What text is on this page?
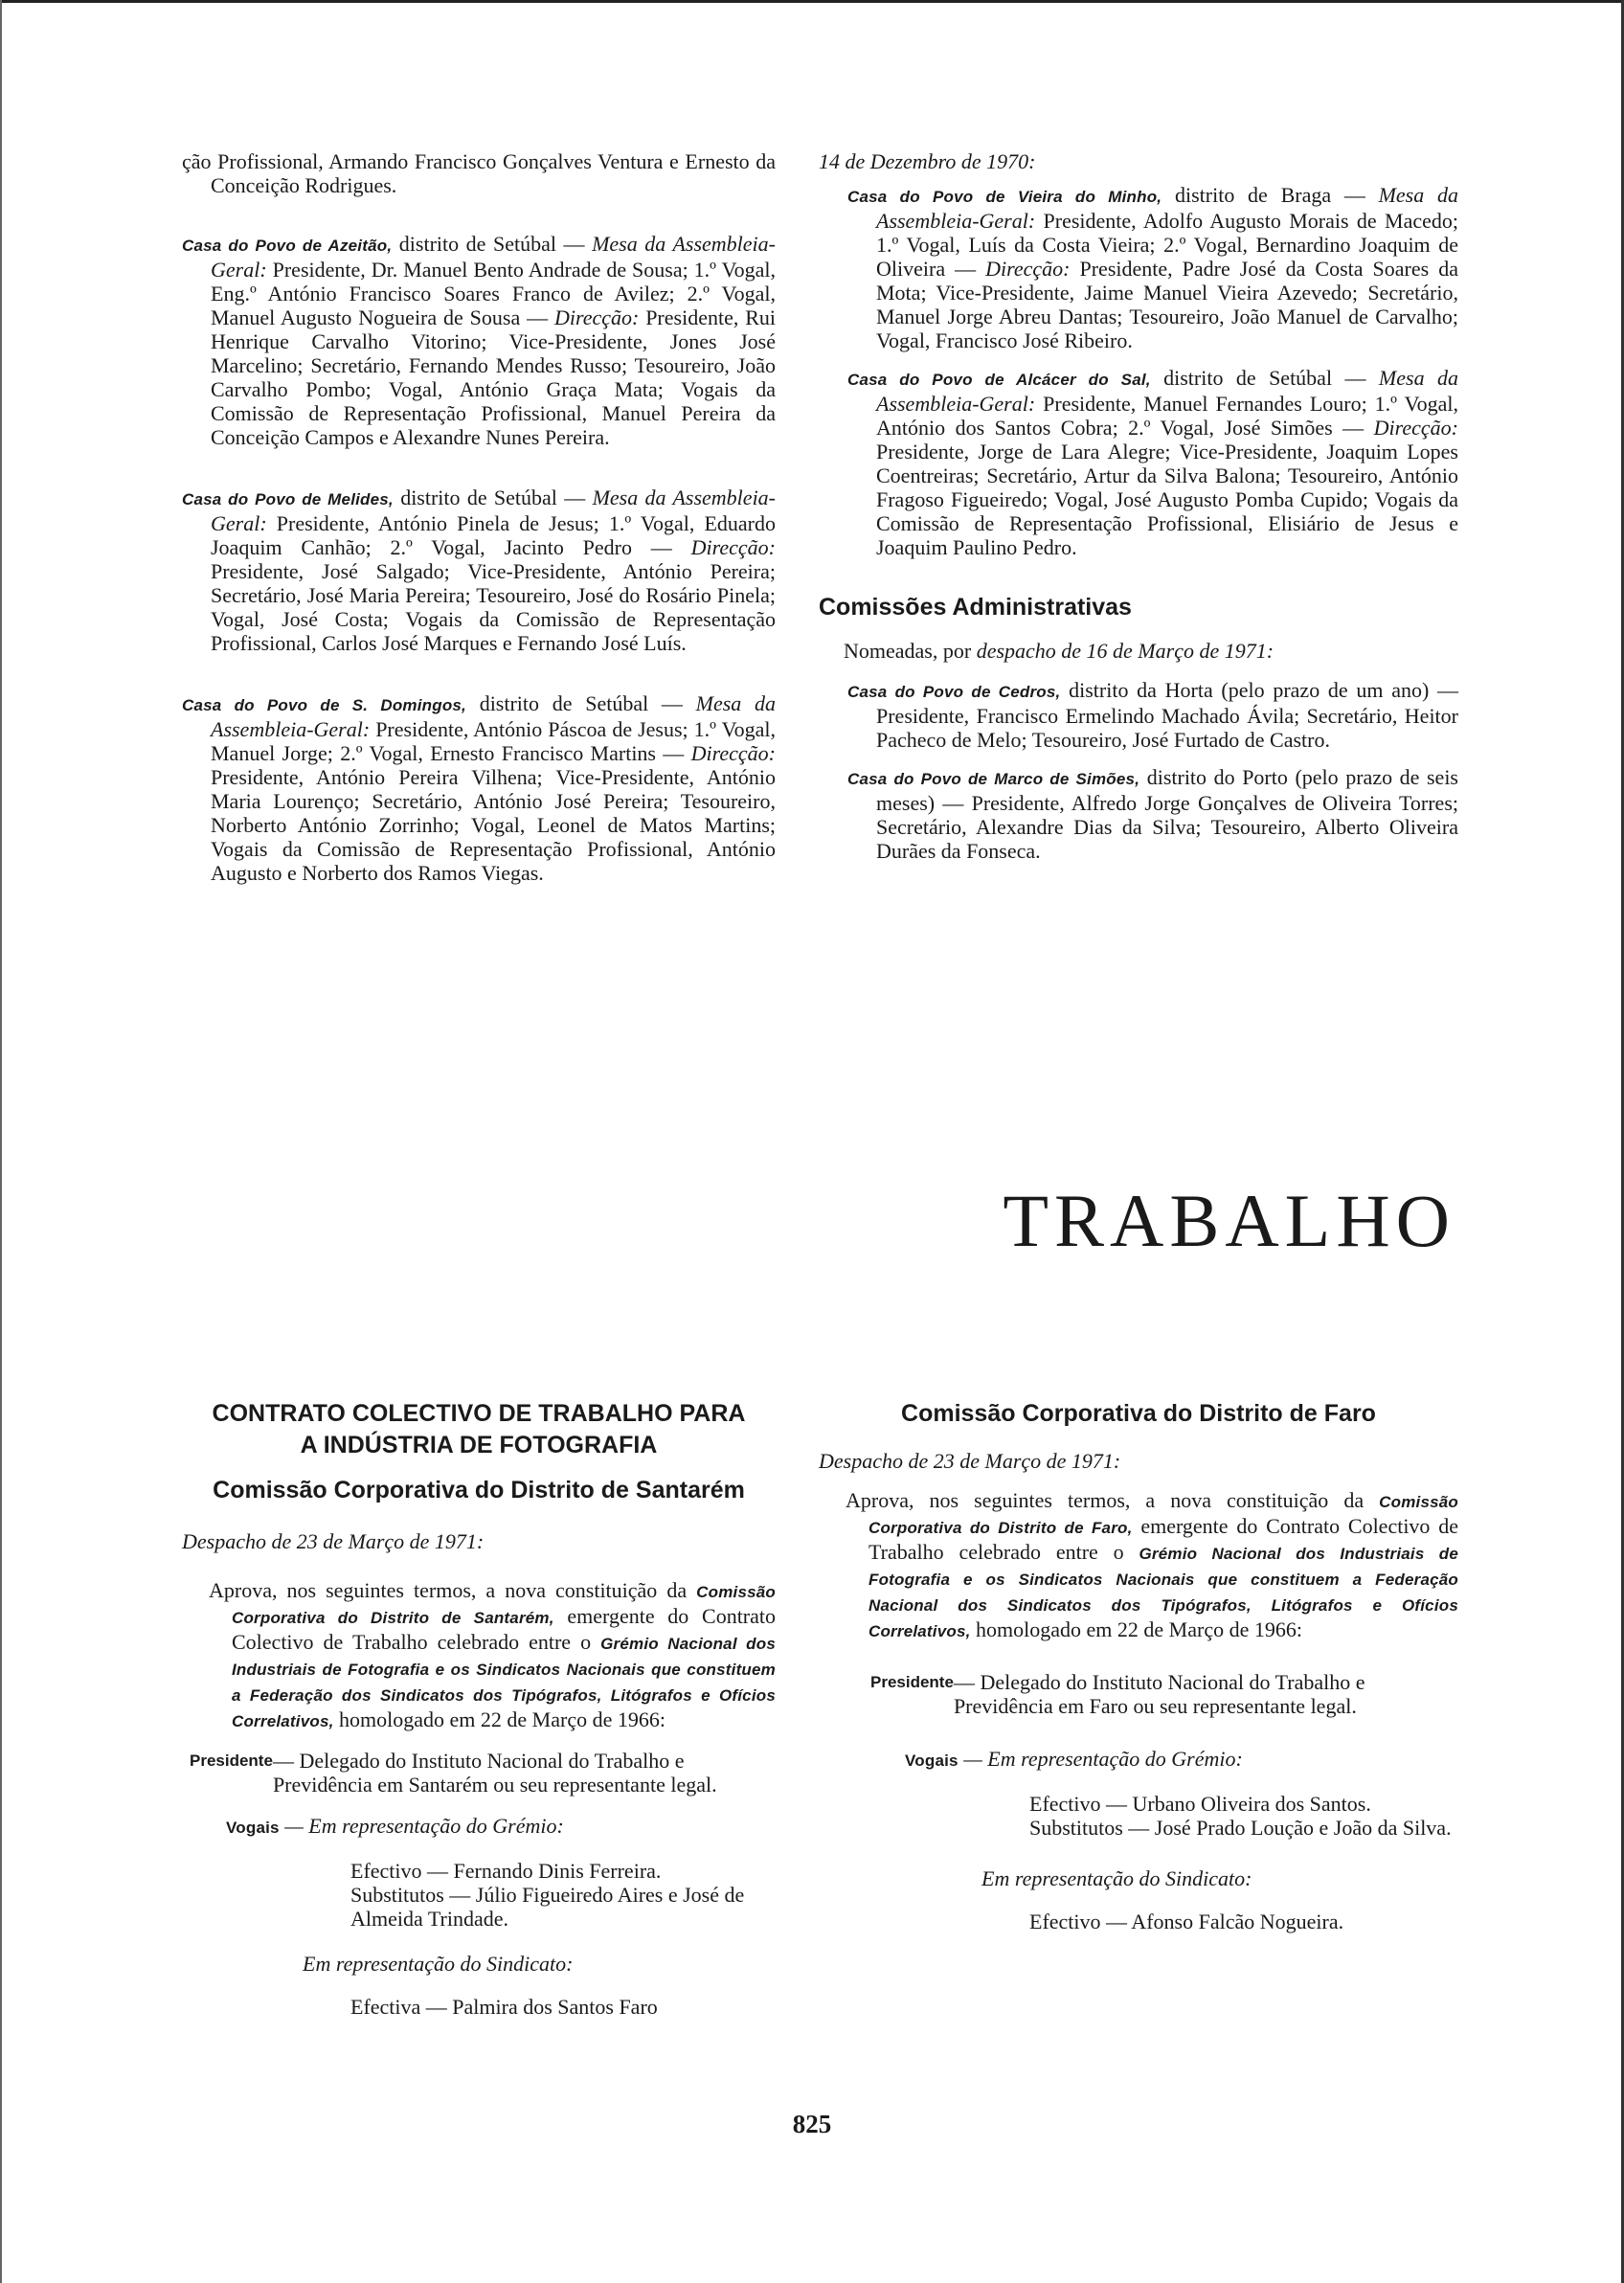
ção Profissional, Armando Francisco Gonçalves Ventura e Ernesto da Conceição Rodrigues.

Casa do Povo de Azeitão, distrito de Setúbal — Mesa da Assembleia-Geral: Presidente, Dr. Manuel Bento Andrade de Sousa; 1.º Vogal, Eng.º António Francisco Soares Franco de Avilez; 2.º Vogal, Manuel Augusto Nogueira de Sousa — Direcção: Presidente, Rui Henrique Carvalho Vitorino; Vice-Presidente, Jones José Marcelino; Secretário, Fernando Mendes Russo; Tesoureiro, João Carvalho Pombo; Vogal, António Graça Mata; Vogais da Comissão de Representação Profissional, Manuel Pereira da Conceição Campos e Alexandre Nunes Pereira.

Casa do Povo de Melides, distrito de Setúbal — Mesa da Assembleia-Geral: Presidente, António Pinela de Jesus; 1.º Vogal, Eduardo Joaquim Canhão; 2.º Vogal, Jacinto Pedro — Direcção: Presidente, José Salgado; Vice-Presidente, António Pereira; Secretário, José Maria Pereira; Tesoureiro, José do Rosário Pinela; Vogal, José Costa; Vogais da Comissão de Representação Profissional, Carlos José Marques e Fernando José Luís.

Casa do Povo de S. Domingos, distrito de Setúbal — Mesa da Assembleia-Geral: Presidente, António Páscoa de Jesus; 1.º Vogal, Manuel Jorge; 2.º Vogal, Ernesto Francisco Martins — Direcção: Presidente, António Pereira Vilhena; Vice-Presidente, António Maria Lourenço; Secretário, António José Pereira; Tesoureiro, Norberto António Zorrinho; Vogal, Leonel de Matos Martins; Vogais da Comissão de Representação Profissional, António Augusto e Norberto dos Ramos Viegas.

14 de Dezembro de 1970:

Casa do Povo de Vieira do Minho, distrito de Braga — Mesa da Assembleia-Geral: Presidente, Adolfo Augusto Morais de Macedo; 1.º Vogal, Luís da Costa Vieira; 2.º Vogal, Bernardino Joaquim de Oliveira — Direcção: Presidente, Padre José da Costa Soares da Mota; Vice-Presidente, Jaime Manuel Vieira Azevedo; Secretário, Manuel Jorge Abreu Dantas; Tesoureiro, João Manuel de Carvalho; Vogal, Francisco José Ribeiro.

Casa do Povo de Alcácer do Sal, distrito de Setúbal — Mesa da Assembleia-Geral: Presidente, Manuel Fernandes Louro; 1.º Vogal, António dos Santos Cobra; 2.º Vogal, José Simões — Direcção: Presidente, Jorge de Lara Alegre; Vice-Presidente, Joaquim Lopes Coentreiras; Secretário, Artur da Silva Balona; Tesoureiro, António Fragoso Figueiredo; Vogal, José Augusto Pomba Cupido; Vogais da Comissão de Representação Profissional, Elisiário de Jesus e Joaquim Paulino Pedro.

Comissões Administrativas

Nomeadas, por despacho de 16 de Março de 1971:

Casa do Povo de Cedros, distrito da Horta (pelo prazo de um ano) — Presidente, Francisco Ermelindo Machado Ávila; Secretário, Heitor Pacheco de Melo; Tesoureiro, José Furtado de Castro.

Casa do Povo de Marco de Simões, distrito do Porto (pelo prazo de seis meses) — Presidente, Alfredo Jorge Gonçalves de Oliveira Torres; Secretário, Alexandre Dias da Silva; Tesoureiro, Alberto Oliveira Durães da Fonseca.

TRABALHO

CONTRATO COLECTIVO DE TRABALHO PARA

A INDÚSTRIA DE FOTOGRAFIA

Comissão Corporativa do Distrito de Santarém

Despacho de 23 de Março de 1971:

Aprova, nos seguintes termos, a nova constituição da Comissão Corporativa do Distrito de Santarém, emergente do Contrato Colectivo de Trabalho celebrado entre o Grémio Nacional dos Industriais de Fotografia e os Sindicatos Nacionais que constituem a Federação dos Sindicatos dos Tipógrafos, Litógrafos e Ofícios Correlativos, homologado em 22 de Março de 1966:

Presidente — Delegado do Instituto Nacional do Trabalho e Previdência em Santarém ou seu representante legal.

Vogais — Em representação do Grémio:

Efectivo — Fernando Dinis Ferreira.

Substitutos — Júlio Figueiredo Aires e José de Almeida Trindade.

Em representação do Sindicato:

Efectiva — Palmira dos Santos Faro

Comissão Corporativa do Distrito de Faro

Despacho de 23 de Março de 1971:

Aprova, nos seguintes termos, a nova constituição da Comissão Corporativa do Distrito de Faro, emergente do Contrato Colectivo de Trabalho celebrado entre o Grémio Nacional dos Industriais de Fotografia e os Sindicatos Nacionais que constituem a Federação Nacional dos Sindicatos dos Tipógrafos, Litógrafos e Ofícios Correlativos, homologado em 22 de Março de 1966:

Presidente — Delegado do Instituto Nacional do Trabalho e Previdência em Faro ou seu representante legal.

Vogais — Em representação do Grémio:

Efectivo — Urbano Oliveira dos Santos.

Substitutos — José Prado Loução e João da Silva.

Em representação do Sindicato:

Efectivo — Afonso Falcão Nogueira.

825
